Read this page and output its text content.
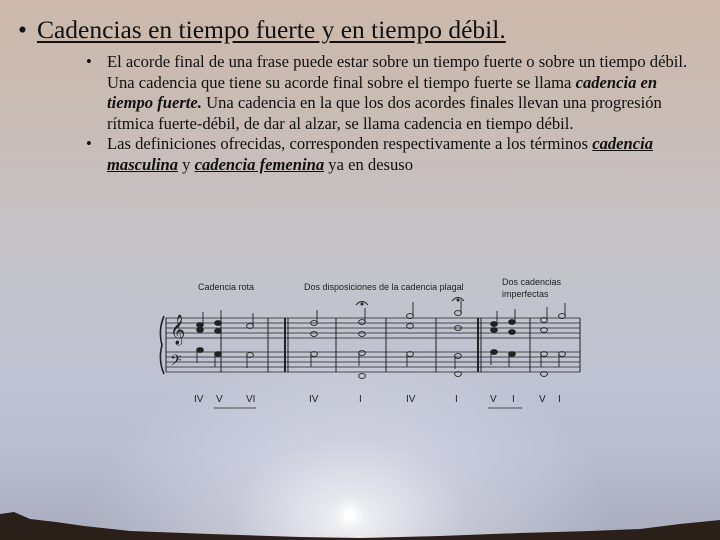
• Cadencias en tiempo fuerte y en tiempo débil.
• El acorde final de una frase puede estar sobre un tiempo fuerte o sobre un tiempo débil. Una cadencia que tiene su acorde final sobre el tiempo fuerte se llama cadencia en tiempo fuerte. Una cadencia en la que los dos acordes finales llevan una progresión rítmica fuerte-débil, de dar al alzar, se llama cadencia en tiempo débil.
• Las definiciones ofrecidas, corresponden respectivamente a los términos cadencia masculina y cadencia femenina ya en desuso
Cadencia rota	Dos disposiciones de la cadencia plagal	Dos cadencias
imperfectas
𝄞
𝄢
IV V VI	IV	I	IV	I	V I V I
